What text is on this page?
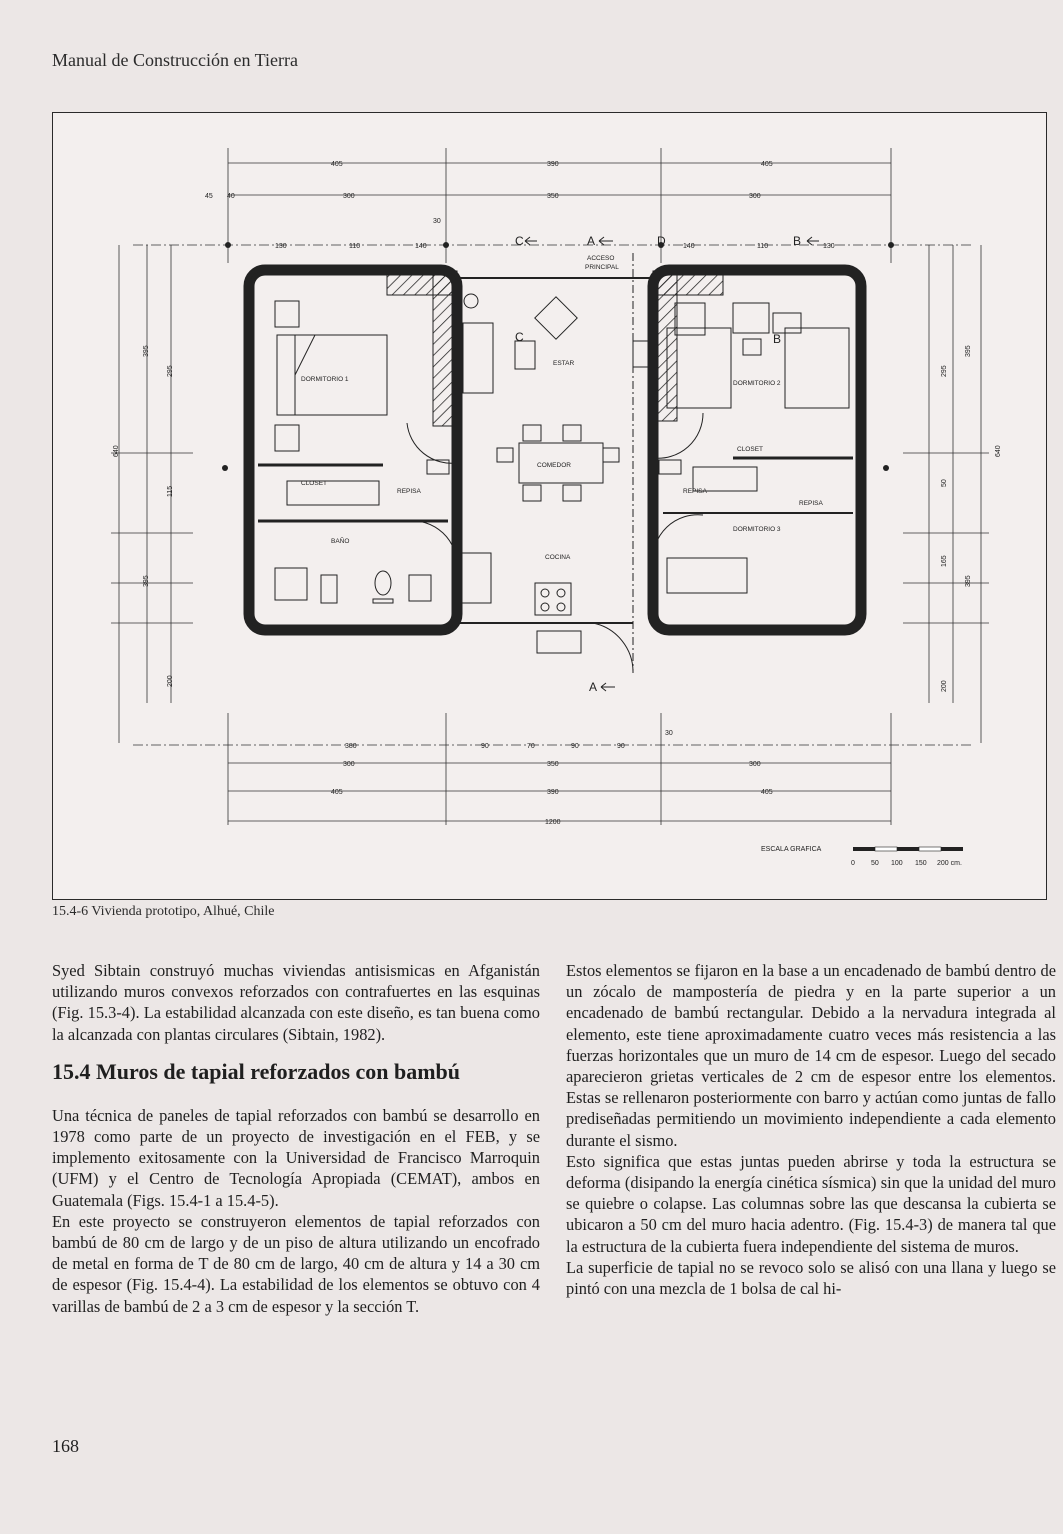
Manual de Construcción en Tierra
405	390	405
45 40	300	350	300
30
130	110	140	140	110	130
640
395
295
115
395
200
640
395
295
50
165
395
200
DORMITORIO 1
DORMITORIO 2
DORMITORIO 3
CLOSET
CLOSET
REPISA	REPISA
REPISA
BAÑO
ESTAR
COMEDOR
COCINA
ACCESO
PRINCIPAL
C	A	D	B
C	B
A
380	90	70	90	90
30
300	350	300
405	390	405
1200
ESCALA GRAFICA
0 50 100 150 200 cm.
15.4-6 Vivienda prototipo, Alhué, Chile

Syed Sibtain construyó muchas viviendas antisismicas en Afganistán utilizando muros convexos reforzados con contrafuertes en las esquinas (Fig. 15.3-4). La estabilidad alcanzada con este diseño, es tan buena como la alcanzada con plantas circulares (Sibtain, 1982).

15.4 Muros de tapial reforzados con bambú

Una técnica de paneles de tapial reforzados con bambú se desarrollo en 1978 como parte de un proyecto de investigación en el FEB, y se implemento exitosamente con la Universidad de Francisco Marroquin (UFM) y el Centro de Tecnología Apropiada (CEMAT), ambos en Guatemala (Figs. 15.4-1 a 15.4-5).

En este proyecto se construyeron elementos de tapial reforzados con bambú de 80 cm de largo y de un piso de altura utilizando un encofrado de metal en forma de T de 80 cm de largo, 40 cm de altura y 14 a 30 cm de espesor (Fig. 15.4-4). La estabilidad de los elementos se obtuvo con 4 varillas de bambú de 2 a 3 cm de espesor y la sección T.

Estos elementos se fijaron en la base a un encadenado de bambú dentro de un zócalo de mampostería de piedra y en la parte superior a un encadenado de bambú rectangular. Debido a la nervadura integrada al elemento, este tiene aproximadamente cuatro veces más resistencia a las fuerzas horizontales que un muro de 14 cm de espesor. Luego del secado aparecieron grietas verticales de 2 cm de espesor entre los elementos. Estas se rellenaron posteriormente con barro y actúan como juntas de fallo prediseñadas permitiendo un movimiento independiente a cada elemento durante el sismo.

Esto significa que estas juntas pueden abrirse y toda la estructura se deforma (disipando la energía cinética sísmica) sin que la unidad del muro se quiebre o colapse. Las columnas sobre las que descansa la cubierta se ubicaron a 50 cm del muro hacia adentro. (Fig. 15.4-3) de manera tal que la estructura de la cubierta fuera independiente del sistema de muros.

La superficie de tapial no se revoco solo se alisó con una llana y luego se pintó con una mezcla de 1 bolsa de cal hi-

168
